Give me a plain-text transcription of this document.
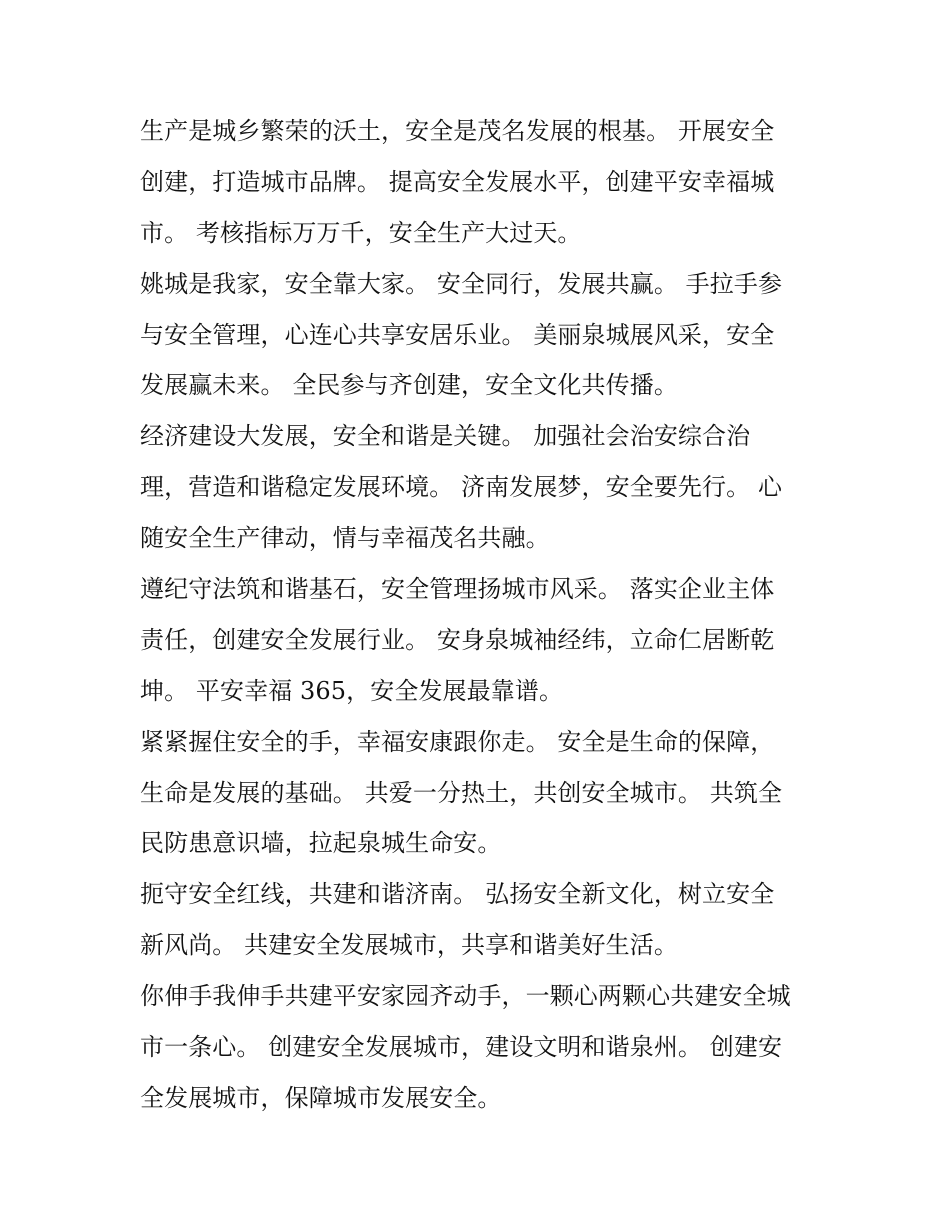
生产是城乡繁荣的沃土，安全是茂名发展的根基。 开展安全
创建，打造城市品牌。 提高安全发展水平，创建平安幸福城
市。 考核指标万万千，安全生产大过天。
姚城是我家，安全靠大家。 安全同行，发展共赢。 手拉手参
与安全管理，心连心共享安居乐业。 美丽泉城展风采，安全
发展赢未来。 全民参与齐创建，安全文化共传播。
经济建设大发展，安全和谐是关键。 加强社会治安综合治
理，营造和谐稳定发展环境。 济南发展梦，安全要先行。 心
随安全生产律动，情与幸福茂名共融。
遵纪守法筑和谐基石，安全管理扬城市风采。 落实企业主体
责任，创建安全发展行业。 安身泉城袖经纬，立命仁居断乾
坤。 平安幸福 365，安全发展最靠谱。
紧紧握住安全的手，幸福安康跟你走。 安全是生命的保障，
生命是发展的基础。 共爱一分热土，共创安全城市。 共筑全
民防患意识墙，拉起泉城生命安。
扼守安全红线，共建和谐济南。 弘扬安全新文化，树立安全
新风尚。 共建安全发展城市，共享和谐美好生活。
你伸手我伸手共建平安家园齐动手，一颗心两颗心共建安全城
市一条心。 创建安全发展城市，建设文明和谐泉州。 创建安
全发展城市，保障城市发展安全。
